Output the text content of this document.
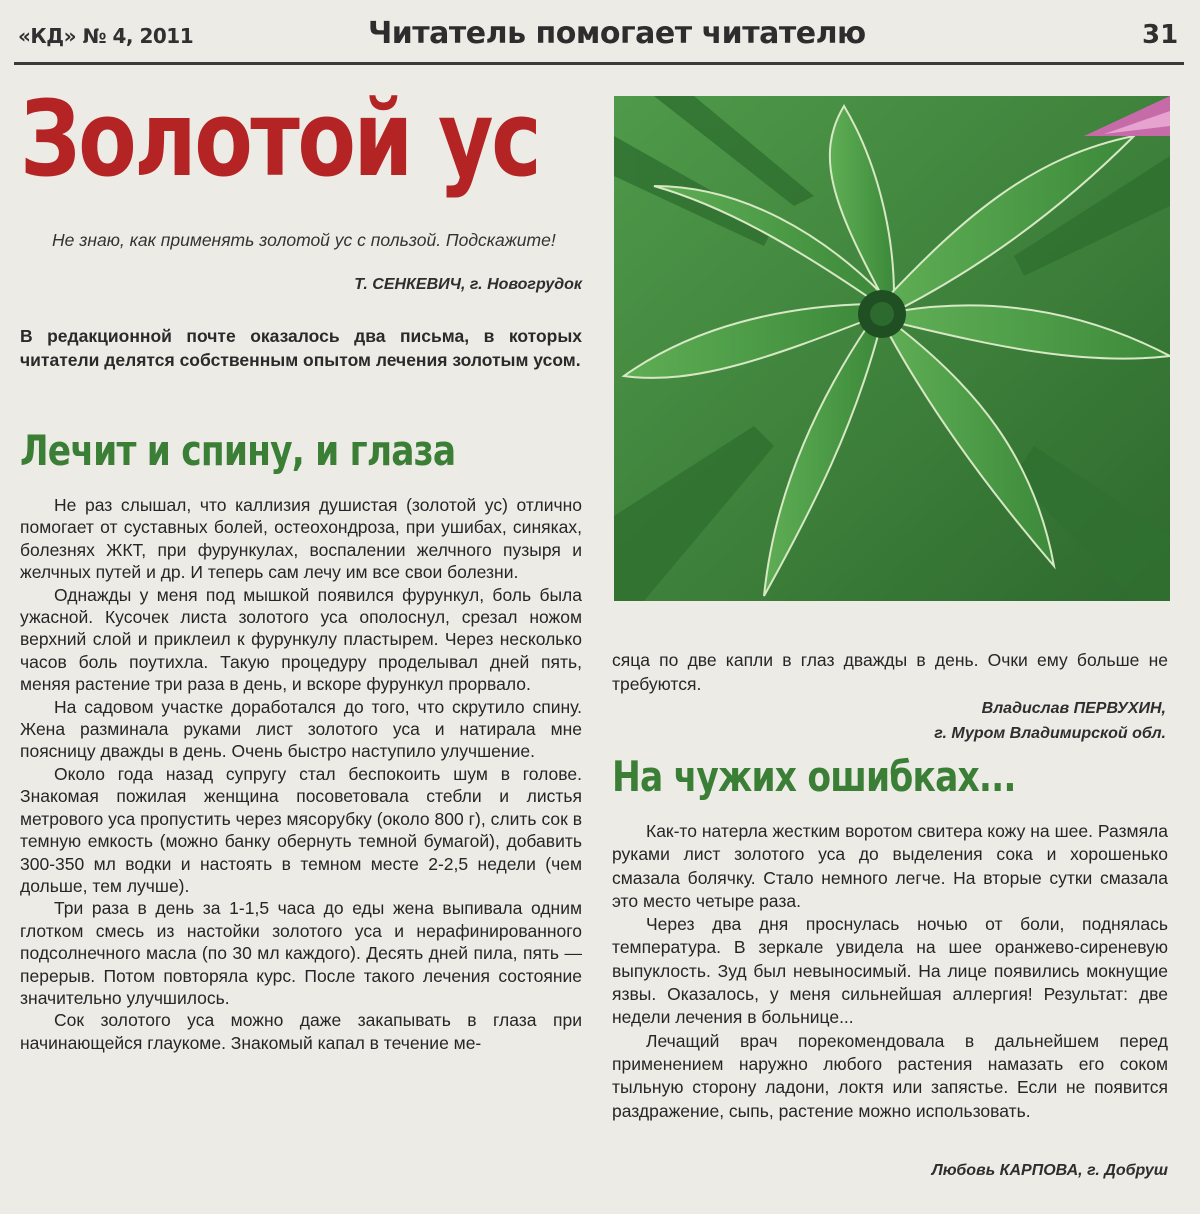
«КД» № 4, 2011	Читатель помогает читателю	31
Золотой ус
Не знаю, как применять золотой ус с пользой. Подскажите!
Т. СЕНКЕВИЧ, г. Новогрудок
В редакционной почте оказалось два письма, в которых читатели делятся собственным опытом лечения золотым усом.
Лечит и спину, и глаза

Не раз слышал, что каллизия душистая (золотой ус) отлично помогает от суставных болей, остеохондроза, при ушибах, синяках, болезнях ЖКТ, при фурункулах, воспалении желчного пузыря и желчных путей и др. И теперь сам лечу им все свои болезни.

Однажды у меня под мышкой появился фурункул, боль была ужасной. Кусочек листа золотого уса ополоснул, срезал ножом верхний слой и приклеил к фурункулу пластырем. Через несколько часов боль поутихла. Такую процедуру проделывал дней пять, меняя растение три раза в день, и вскоре фурункул прорвало.

На садовом участке доработался до того, что скрутило спину. Жена разминала руками лист золотого уса и натирала мне поясницу дважды в день. Очень быстро наступило улучшение.

Около года назад супругу стал беспокоить шум в голове. Знакомая пожилая женщина посоветовала стебли и листья метрового уса пропустить через мясорубку (около 800 г), слить сок в темную емкость (можно банку обернуть темной бумагой), добавить 300-350 мл водки и настоять в темном месте 2-2,5 недели (чем дольше, тем лучше).

Три раза в день за 1-1,5 часа до еды жена выпивала одним глотком смесь из настойки золотого уса и нерафинированного подсолнечного масла (по 30 мл каждого). Десять дней пила, пять — перерыв. Потом повторяла курс. После такого лечения состояние значительно улучшилось.

Сок золотого уса можно даже закапывать в глаза при начинающейся глаукоме. Знакомый капал в течение ме-

сяца по две капли в глаз дважды в день. Очки ему больше не требуются.

Владислав ПЕРВУХИН,
г. Муром Владимирской обл.
На чужих ошибках...

Как-то натерла жестким воротом свитера кожу на шее. Размяла руками лист золотого уса до выделения сока и хорошенько смазала болячку. Стало немного легче. На вторые сутки смазала это место четыре раза.

Через два дня проснулась ночью от боли, поднялась температура. В зеркале увидела на шее оранжево-сиреневую выпуклость. Зуд был невыносимый. На лице появились мокнущие язвы. Оказалось, у меня сильнейшая аллергия! Результат: две недели лечения в больнице...

Лечащий врач порекомендовала в дальнейшем перед применением наружно любого растения намазать его соком тыльную сторону ладони, локтя или запястье. Если не появится раздражение, сыпь, растение можно использовать.

Любовь КАРПОВА, г. Добруш
